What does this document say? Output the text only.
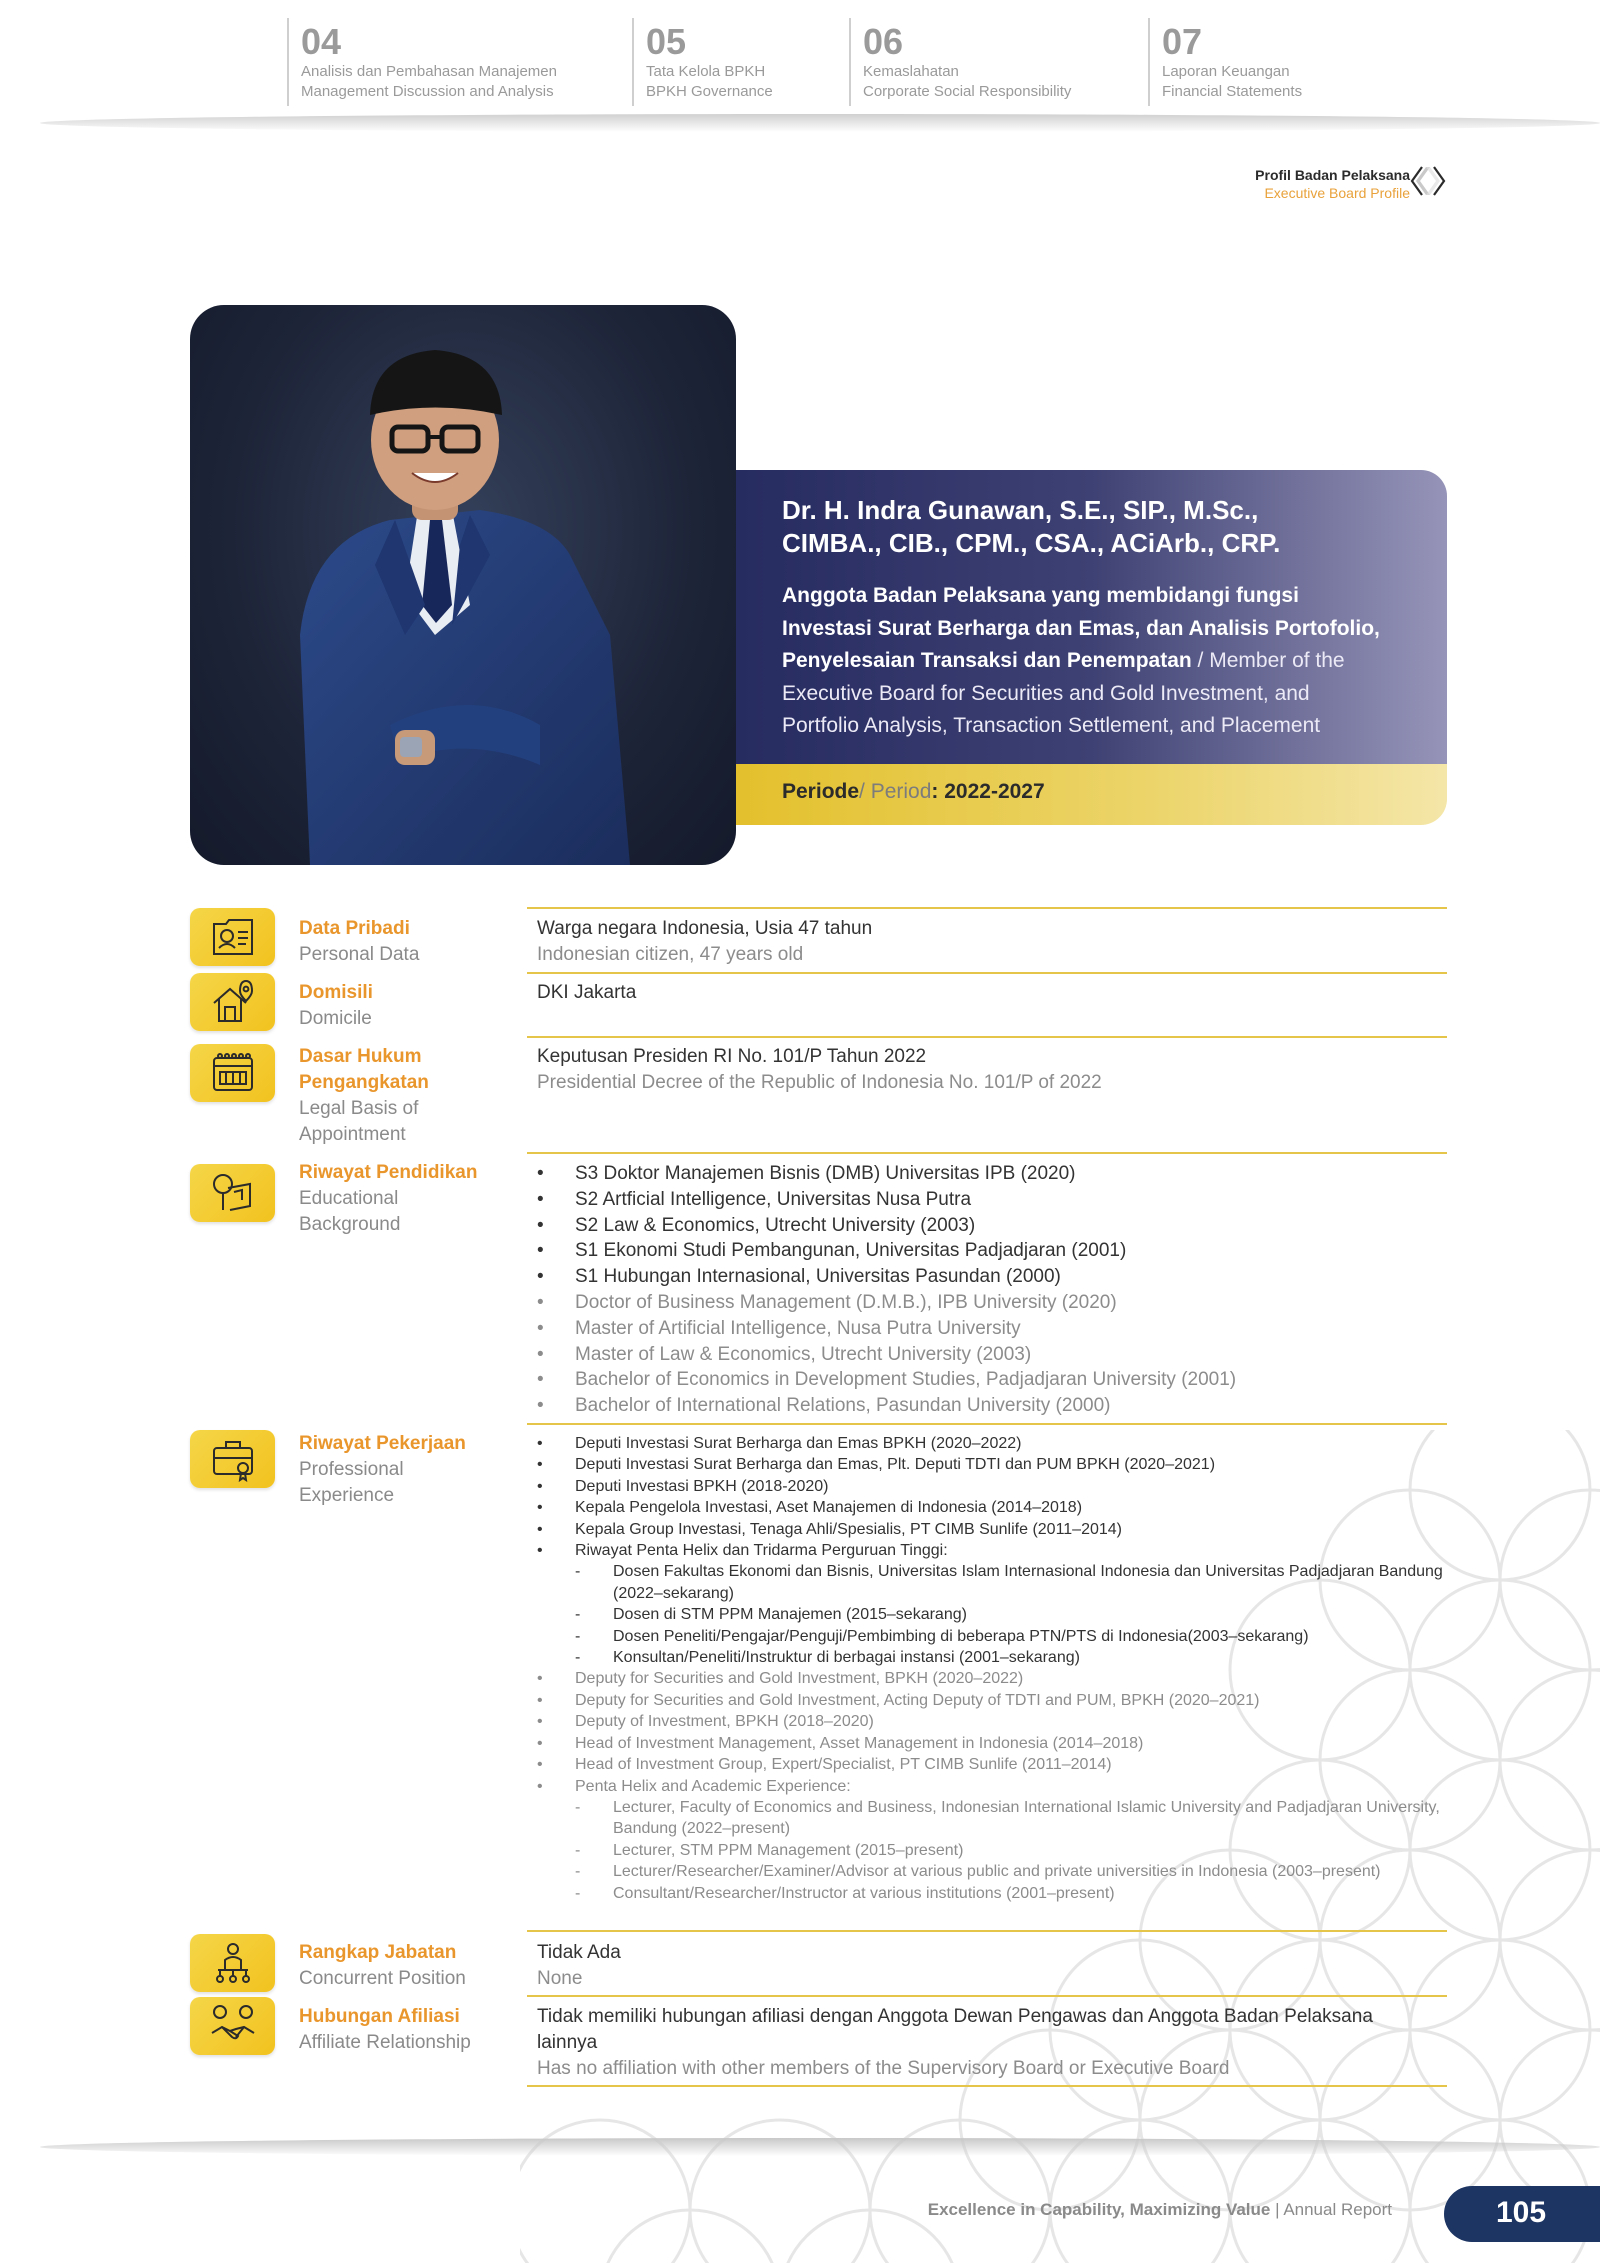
04
Analisis dan Pembahasan Manajemen
Management Discussion and Analysis
05
Tata Kelola BPKH
BPKH Governance
06
Kemaslahatan
Corporate Social Responsibility
07
Laporan Keuangan
Financial Statements
Profil Badan Pelaksana
Executive Board Profile
Dr. H. Indra Gunawan, S.E., SIP., M.Sc.,
CIMBA., CIB., CPM., CSA., ACiArb., CRP.
Anggota Badan Pelaksana yang membidangi fungsi Investasi Surat Berharga dan Emas, dan Analisis Portofolio, Penyelesaian Transaksi dan Penempatan / Member of the Executive Board for Securities and Gold Investment, and Portfolio Analysis, Transaction Settlement, and Placement
Periode/ Period: 2022-2027
Data Pribadi
Personal Data
Warga negara Indonesia, Usia 47 tahun
Indonesian citizen, 47 years old
Domisili
Domicile
DKI Jakarta
Dasar Hukum
Pengangkatan
Legal Basis of
Appointment
Keputusan Presiden RI No. 101/P Tahun 2022
Presidential Decree of the Republic of Indonesia No. 101/P of 2022
Riwayat Pendidikan
Educational
Background
• S3 Doktor Manajemen Bisnis (DMB) Universitas IPB (2020)
• S2 Artficial Intelligence, Universitas Nusa Putra
• S2 Law & Economics, Utrecht University (2003)
• S1 Ekonomi Studi Pembangunan, Universitas Padjadjaran (2001)
• S1 Hubungan Internasional, Universitas Pasundan (2000)
• Doctor of Business Management (D.M.B.), IPB University (2020)
• Master of Artificial Intelligence, Nusa Putra University
• Master of Law & Economics, Utrecht University (2003)
• Bachelor of Economics in Development Studies, Padjadjaran University (2001)
• Bachelor of International Relations, Pasundan University (2000)
Riwayat Pekerjaan
Professional
Experience
• Deputi Investasi Surat Berharga dan Emas BPKH (2020–2022)
• Deputi Investasi Surat Berharga dan Emas, Plt. Deputi TDTI dan PUM BPKH (2020–2021)
• Deputi Investasi BPKH (2018-2020)
• Kepala Pengelola Investasi, Aset Manajemen di Indonesia (2014–2018)
• Kepala Group Investasi, Tenaga Ahli/Spesialis, PT CIMB Sunlife (2011–2014)
• Riwayat Penta Helix dan Tridarma Perguruan Tinggi:
- Dosen Fakultas Ekonomi dan Bisnis, Universitas Islam Internasional Indonesia dan Universitas Padjadjaran Bandung (2022–sekarang)
- Dosen di STM PPM Manajemen (2015–sekarang)
- Dosen Peneliti/Pengajar/Penguji/Pembimbing di beberapa PTN/PTS di Indonesia(2003–sekarang)
- Konsultan/Peneliti/Instruktur di berbagai instansi (2001–sekarang)
• Deputy for Securities and Gold Investment, BPKH (2020–2022)
• Deputy for Securities and Gold Investment, Acting Deputy of TDTI and PUM, BPKH (2020–2021)
• Deputy of Investment, BPKH (2018–2020)
• Head of Investment Management, Asset Management in Indonesia (2014–2018)
• Head of Investment Group, Expert/Specialist, PT CIMB Sunlife (2011–2014)
• Penta Helix and Academic Experience:
- Lecturer, Faculty of Economics and Business, Indonesian International Islamic University and Padjadjaran University, Bandung (2022–present)
- Lecturer, STM PPM Management (2015–present)
- Lecturer/Researcher/Examiner/Advisor at various public and private universities in Indonesia (2003–present)
- Consultant/Researcher/Instructor at various institutions (2001–present)
Rangkap Jabatan
Concurrent Position
Tidak Ada
None
Hubungan Afiliasi
Affiliate Relationship
Tidak memiliki hubungan afiliasi dengan Anggota Dewan Pengawas dan Anggota Badan Pelaksana lainnya
Has no affiliation with other members of the Supervisory Board or Executive Board
Excellence in Capability, Maximizing Value | Annual Report	105
